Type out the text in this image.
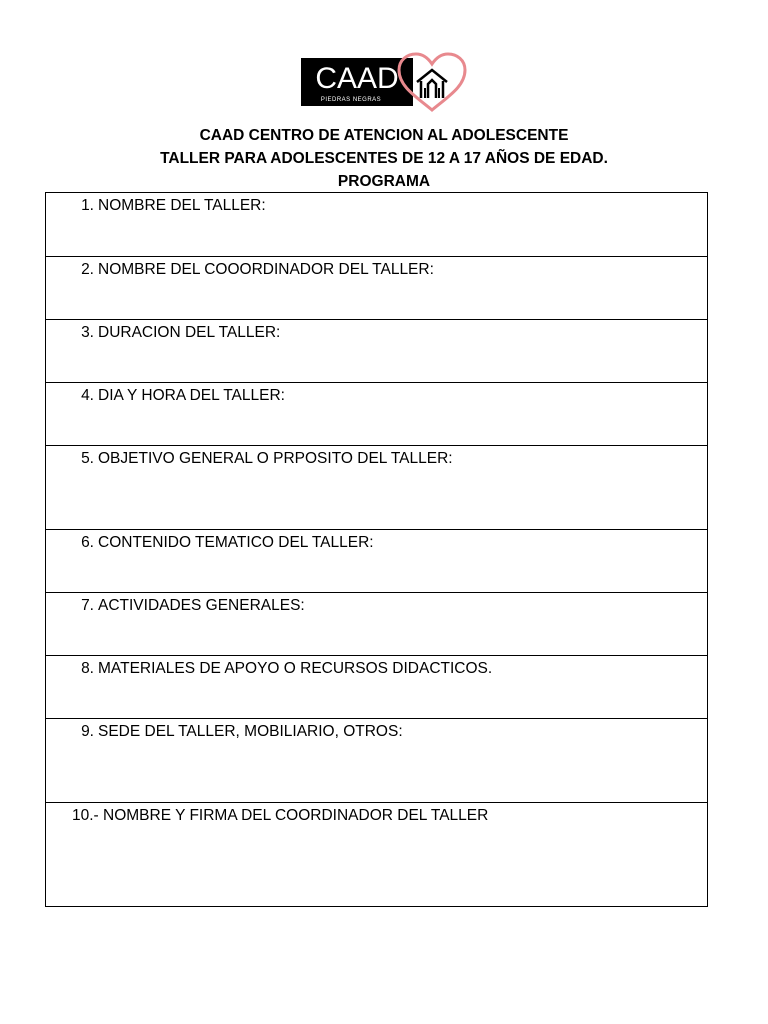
CAAD
PIEDRAS NEGRAS
CAAD CENTRO DE ATENCION AL ADOLESCENTE
TALLER PARA ADOLESCENTES DE 12 A 17 AÑOS DE EDAD.
PROGRAMA
1. NOMBRE DEL TALLER:
2. NOMBRE DEL COOORDINADOR DEL TALLER:
3. DURACION DEL TALLER:
4. DIA Y HORA DEL TALLER:
5. OBJETIVO GENERAL O PRPOSITO DEL TALLER:
6. CONTENIDO TEMATICO DEL TALLER:
7. ACTIVIDADES GENERALES:
8. MATERIALES DE APOYO O RECURSOS DIDACTICOS.
9. SEDE DEL TALLER, MOBILIARIO, OTROS:
10.- NOMBRE Y FIRMA DEL COORDINADOR DEL TALLER
